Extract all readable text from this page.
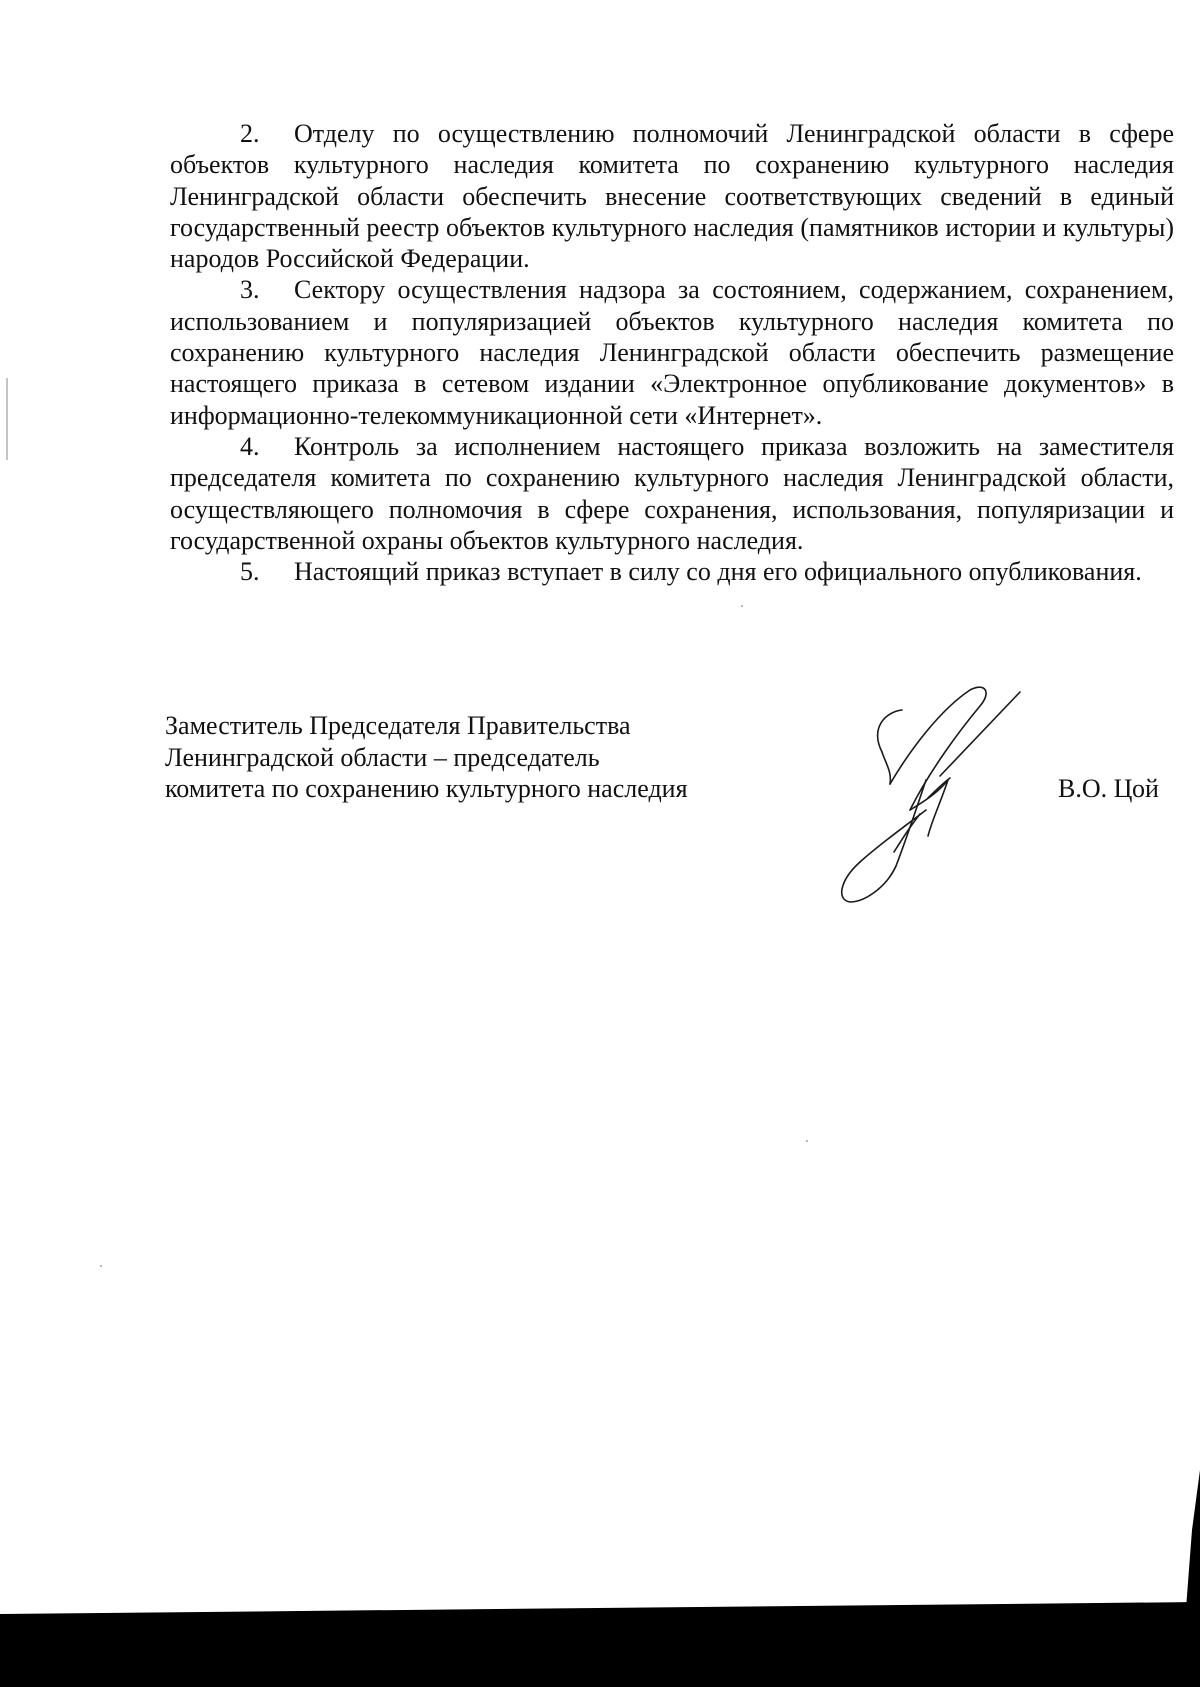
2. Отделу по осуществлению полномочий Ленинградской области в сфере объектов культурного наследия комитета по сохранению культурного наследия Ленинградской области обеспечить внесение соответствующих сведений в единый государственный реестр объектов культурного наследия (памятников истории и культуры) народов Российской Федерации.

3. Сектору осуществления надзора за состоянием, содержанием, сохранением, использованием и популяризацией объектов культурного наследия комитета по сохранению культурного наследия Ленинградской области обеспечить размещение настоящего приказа в сетевом издании «Электронное опубликование документов» в информационно-телекоммуникационной сети «Интернет».

4. Контроль за исполнением настоящего приказа возложить на заместителя председателя комитета по сохранению культурного наследия Ленинградской области, осуществляющего полномочия в сфере сохранения, использования, популяризации и государственной охраны объектов культурного наследия.

5. Настоящий приказ вступает в силу со дня его официального опубликования.

Заместитель Председателя Правительства
Ленинградской области – председатель
комитета по сохранению культурного наследия	В.О. Цой
